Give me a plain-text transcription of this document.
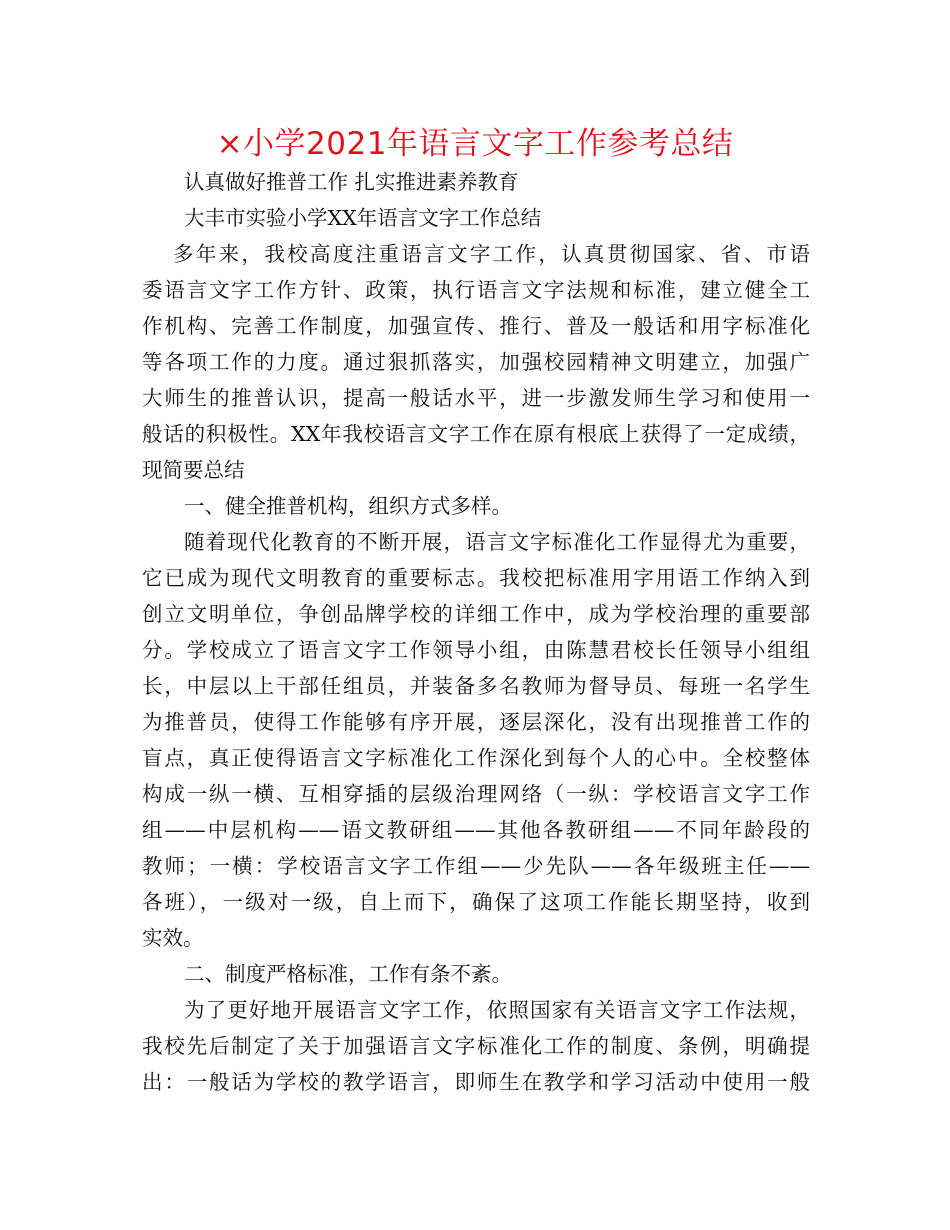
×小学2021年语言文字工作参考总结
认真做好推普工作 扎实推进素养教育
大丰市实验小学XX年语言文字工作总结
多年来，我校高度注重语言文字工作，认真贯彻国家、省、市语
委语言文字工作方针、政策，执行语言文字法规和标准，建立健全工
作机构、完善工作制度，加强宣传、推行、普及一般话和用字标准化
等各项工作的力度。通过狠抓落实，加强校园精神文明建立，加强广
大师生的推普认识，提高一般话水平，进一步激发师生学习和使用一
般话的积极性。XX年我校语言文字工作在原有根底上获得了一定成绩，
现简要总结
一、健全推普机构，组织方式多样。
随着现代化教育的不断开展，语言文字标准化工作显得尤为重要，
它已成为现代文明教育的重要标志。我校把标准用字用语工作纳入到
创立文明单位，争创品牌学校的详细工作中，成为学校治理的重要部
分。学校成立了语言文字工作领导小组，由陈慧君校长任领导小组组
长，中层以上干部任组员，并装备多名教师为督导员、每班一名学生
为推普员，使得工作能够有序开展，逐层深化，没有出现推普工作的
盲点，真正使得语言文字标准化工作深化到每个人的心中。全校整体
构成一纵一横、互相穿插的层级治理网络（一纵：学校语言文字工作
组——中层机构——语文教研组——其他各教研组——不同年龄段的
教师；一横：学校语言文字工作组——少先队——各年级班主任——
各班），一级对一级，自上而下，确保了这项工作能长期坚持，收到
实效。
二、制度严格标准，工作有条不紊。
为了更好地开展语言文字工作，依照国家有关语言文字工作法规，
我校先后制定了关于加强语言文字标准化工作的制度、条例，明确提
出：一般话为学校的教学语言，即师生在教学和学习活动中使用一般
